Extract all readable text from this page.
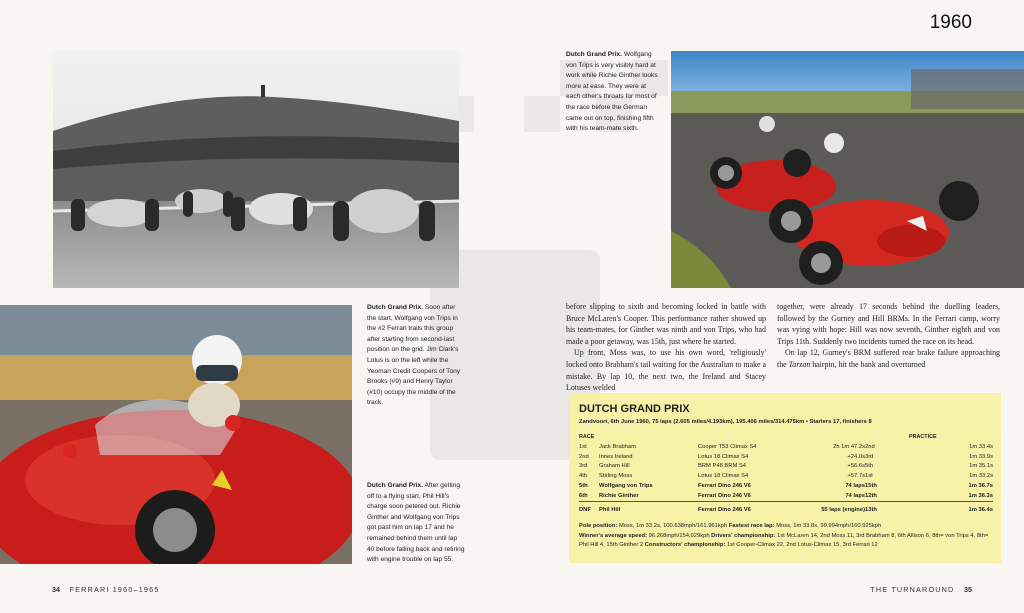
1960
Dutch Grand Prix. Wolfgang von Trips is very visibly hard at work while Richie Ginther looks more at ease. They were at each other's throats for most of the race before the German came out on top, finishing fifth with his team-mate sixth.
Dutch Grand Prix. Soon after the start, Wolfgang von Trips in the #2 Ferrari trails this group after starting from second-last position on the grid. Jim Clark's Lotus is on the left while the Yeoman Credit Coopers of Tony Brooks (#9) and Henry Taylor (#10) occupy the middle of the track.
Dutch Grand Prix. After getting off to a flying start, Phil Hill's charge soon petered out. Richie Ginther and Wolfgang von Trips got past him on lap 17 and he remained behind them until lap 40 before falling back and retiring with engine trouble on lap 55.

before slipping to sixth and becoming locked in battle with Bruce McLaren's Cooper. This performance rather showed up his team-mates, for Ginther was ninth and von Trips, who had made a poor getaway, was 15th, just where he started.

Up front, Moss was, to use his own word, 'religiously' locked onto Brabham's tail waiting for the Australian to make a mistake. By lap 10, the next two, the Ireland and Stacey Lotuses welded

together, were already 17 seconds behind the duelling leaders, followed by the Gurney and Hill BRMs. In the Ferrari camp, worry was vying with hope: Hill was now seventh, Ginther eighth and von Trips 11th. Suddenly two incidents turned the race on its head.

On lap 12, Gurney's BRM suffered rear brake failure approaching the Tarzan hairpin, hit the bank and overturned

DUTCH GRAND PRIX
Zandvoort, 6th June 1960, 75 laps (2.605 miles/4.193km), 195.406 miles/314.475km • Starters 17, finishers 8
RACE	PRACTICE
1st	Jack Brabham	Cooper T53 Climax S4	2h 1m 47.2s	2nd	1m 33.4s
2nd	Innes Ireland	Lotus 18 Climax S4	+24.0s	3rd	1m 33.9s
3rd	Graham Hill	BRM P48 BRM S4	+56.6s	5th	1m 35.1s
4th	Stirling Moss	Lotus 18 Climax S4	+57.7s	1st	1m 33.2s
5th	Wolfgang von Trips	Ferrari Dino 246 V6	74 laps	15th	1m 36.7s
6th	Richie Ginther	Ferrari Dino 246 V6	74 laps	12th	1m 36.3s
DNF	Phil Hill	Ferrari Dino 246 V6	55 laps (engine)	13th	1m 36.4s
Pole position: Moss, 1m 33.2s, 100.638mph/161.961kph Fastest race lap: Moss, 1m 33.8s, 99.994mph/160.925kph
Winner's average speed: 96.268mph/154.929kph Drivers' championship: 1st McLaren 14, 2nd Moss 11, 3rd Brabham 8, 6th Allison 6, 8th= von Trips 4, 8th= Phil Hill 4, 15th Ginther 2 Constructors' championship: 1st Cooper-Climax 22, 2nd Lotus-Climax 15, 3rd Ferrari 12
34 FERRARI 1960–1965	THE TURNAROUND 35
